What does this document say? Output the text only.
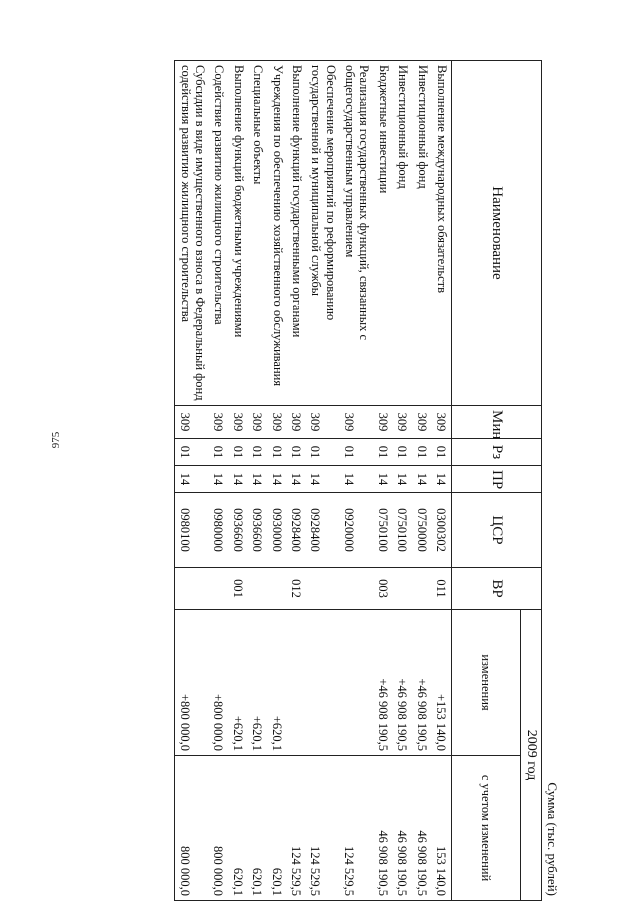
975
Сумма (тыс. рублей)
Наименование	Мин	Рз	ПР	ЦСР	ВР	2009 год	
						изменения	с учетом изменений
Выполнение международных обязательств	309	01	14	0300302	011	+153 140,0	153 140,0
Инвестиционный фонд	309	01	14	0750000		+46 908 190,5	46 908 190,5
Инвестиционный фонд	309	01	14	0750100		+46 908 190,5	46 908 190,5
Бюджетные инвестиции	309	01	14	0750100	003	+46 908 190,5	46 908 190,5
Реализация государственных функций, связанных с общегосударственным управлением	309	01	14	0920000			124 529,5
Обеспечение мероприятий по реформированию государственной и муниципальной службы	309	01	14	0928400			124 529,5
Выполнение функций государственными органами	309	01	14	0928400	012		124 529,5
Учреждения по обеспечению хозяйственного обслуживания	309	01	14	0930000		+620,1	620,1
Специальные объекты	309	01	14	0936600		+620,1	620,1
Выполнение функций бюджетными учреждениями	309	01	14	0936600	001	+620,1	620,1
Содействие развитию жилищного строительства	309	01	14	0980000		+800 000,0	800 000,0
Субсидии в виде имущественного взноса в Федеральный фонд содействия развитию жилищного строительства	309	01	14	0980100		+800 000,0	800 000,0
